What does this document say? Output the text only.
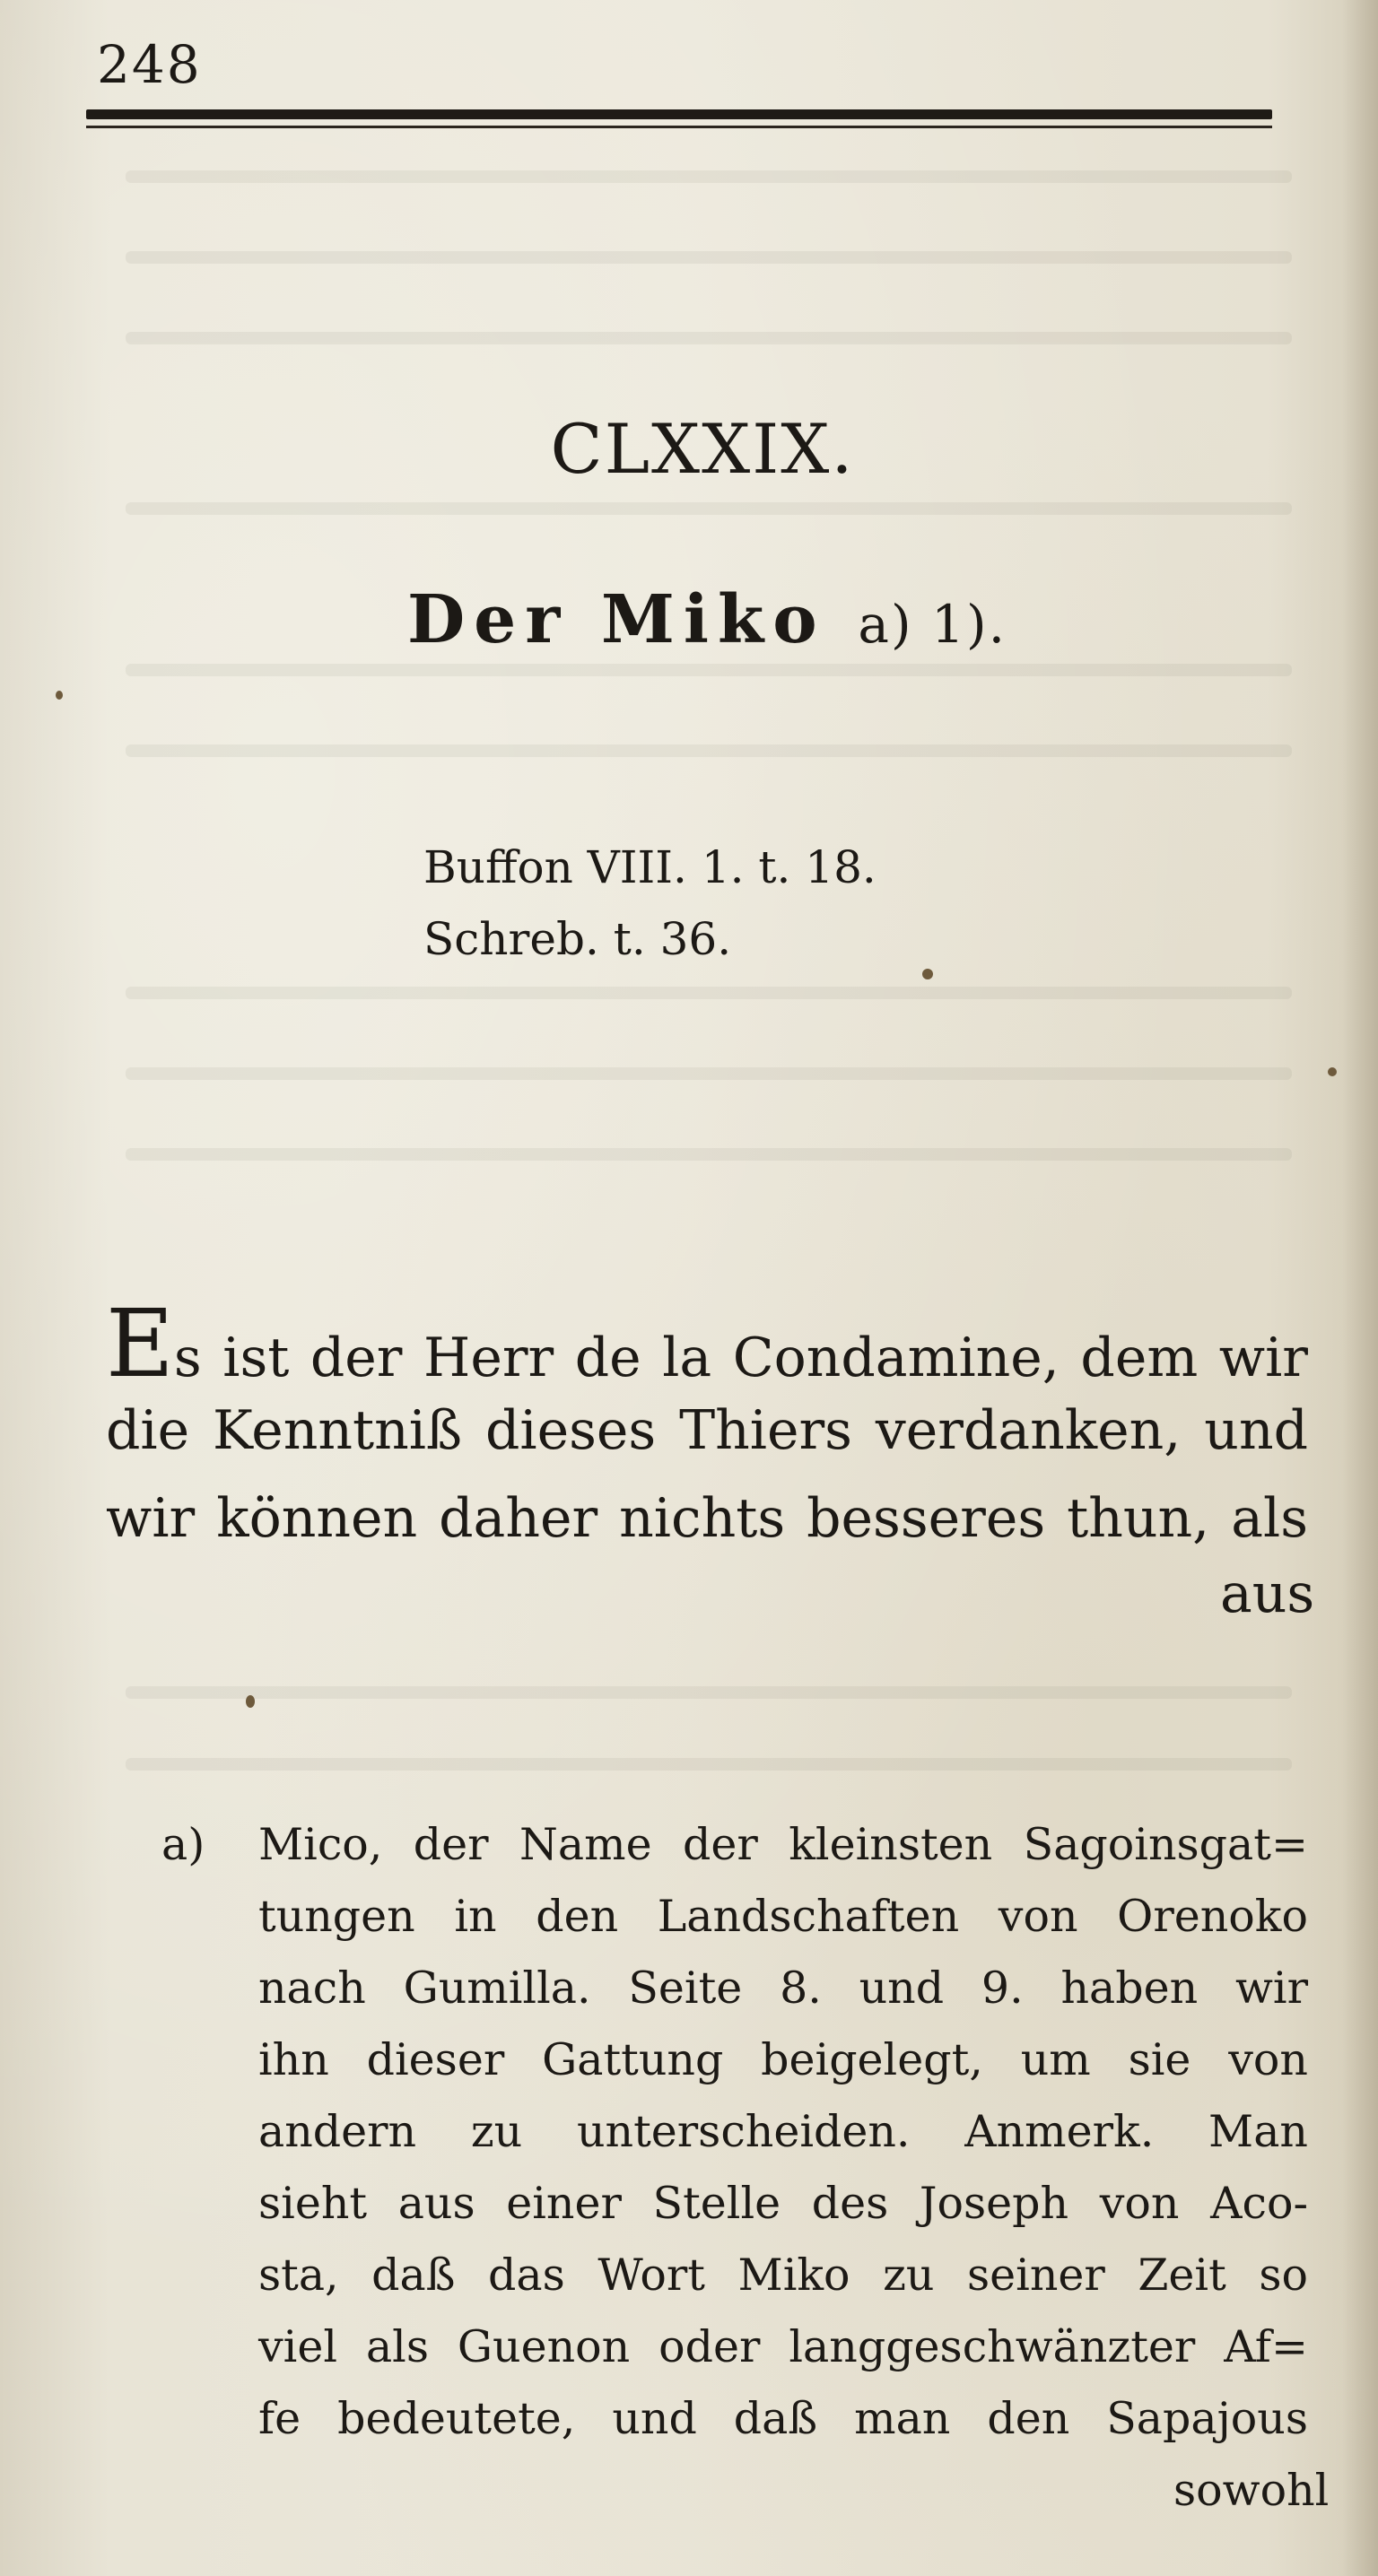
248
CLXXIX.
Der Miko a) 1).
Buffon VIII. 1. t. 18.
Schreb. t. 36.
Es ist der Herr de la Condamine, dem wir
die Kenntniß dieses Thiers verdanken, und
wir können daher nichts besseres thun, als
aus
a) Mico, der Name der kleinsten Sagoinsgat=
tungen in den Landschaften von Orenoko
nach Gumilla. Seite 8. und 9. haben wir
ihn dieser Gattung beigelegt, um sie von
andern zu unterscheiden. Anmerk. Man
sieht aus einer Stelle des Joseph von Aco-
sta, daß das Wort Miko zu seiner Zeit so
viel als Guenon oder langgeschwänzter Af=
fe bedeutete, und daß man den Sapajous
sowohl
